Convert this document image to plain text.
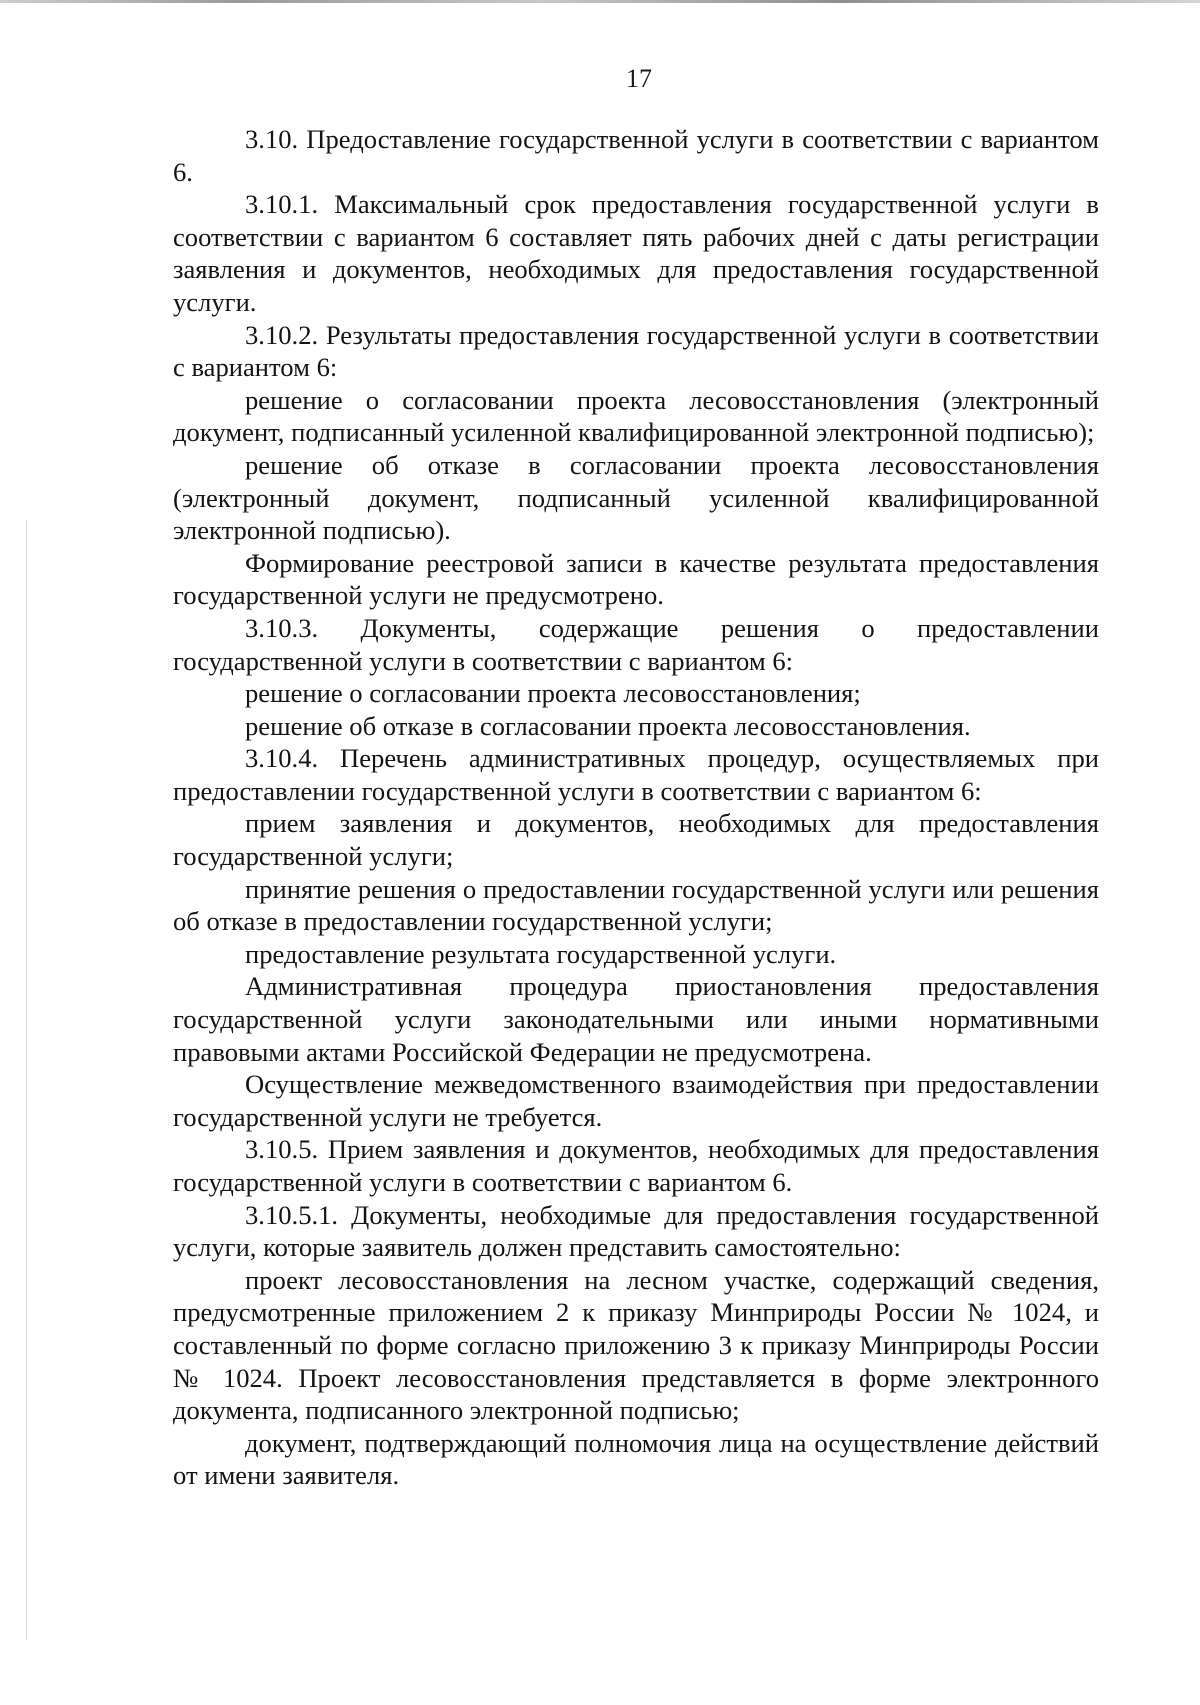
17

3.10. Предоставление государственной услуги в соответствии с вариантом 6.

3.10.1. Максимальный срок предоставления государственной услуги в соответствии с вариантом 6 составляет пять рабочих дней с даты регистрации заявления и документов, необходимых для предоставления государственной услуги.

3.10.2. Результаты предоставления государственной услуги в соответствии с вариантом 6:

решение о согласовании проекта лесовосстановления (электронный документ, подписанный усиленной квалифицированной электронной подписью);

решение об отказе в согласовании проекта лесовосстановления (электронный документ, подписанный усиленной квалифицированной электронной подписью).

Формирование реестровой записи в качестве результата предоставления государственной услуги не предусмотрено.

3.10.3. Документы, содержащие решения о предоставлении государственной услуги в соответствии с вариантом 6:

решение о согласовании проекта лесовосстановления;

решение об отказе в согласовании проекта лесовосстановления.

3.10.4. Перечень административных процедур, осуществляемых при предоставлении государственной услуги в соответствии с вариантом 6:

прием заявления и документов, необходимых для предоставления государственной услуги;

принятие решения о предоставлении государственной услуги или решения об отказе в предоставлении государственной услуги;

предоставление результата государственной услуги.

Административная процедура приостановления предоставления государственной услуги законодательными или иными нормативными правовыми актами Российской Федерации не предусмотрена.

Осуществление межведомственного взаимодействия при предоставлении государственной услуги не требуется.

3.10.5. Прием заявления и документов, необходимых для предоставления государственной услуги в соответствии с вариантом 6.

3.10.5.1. Документы, необходимые для предоставления государственной услуги, которые заявитель должен представить самостоятельно:

проект лесовосстановления на лесном участке, содержащий сведения, предусмотренные приложением 2 к приказу Минприроды России № 1024, и составленный по форме согласно приложению 3 к приказу Минприроды России № 1024. Проект лесовосстановления представляется в форме электронного документа, подписанного электронной подписью;

документ, подтверждающий полномочия лица на осуществление действий от имени заявителя.
